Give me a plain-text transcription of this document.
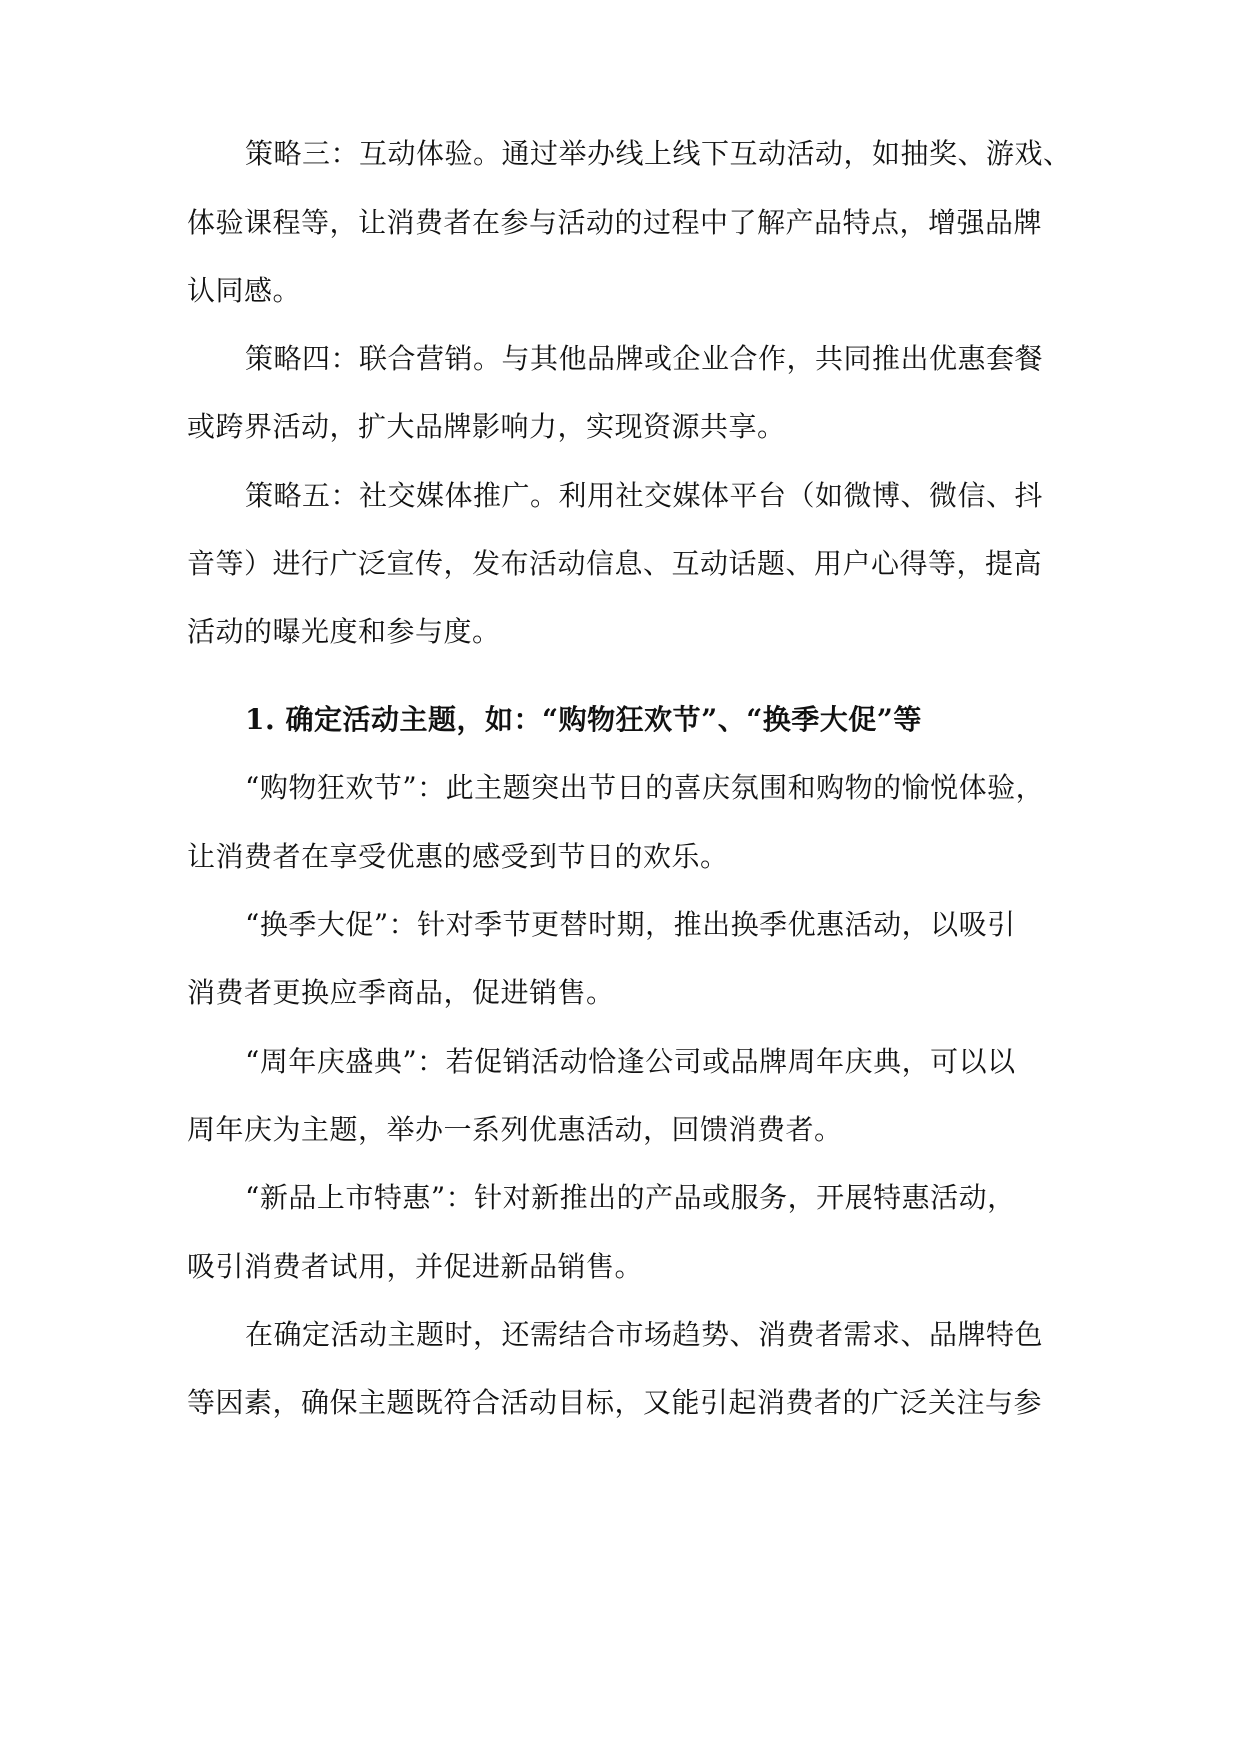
策略三：互动体验。通过举办线上线下互动活动，如抽奖、游戏、
体验课程等，让消费者在参与活动的过程中了解产品特点，增强品牌
认同感。
策略四：联合营销。与其他品牌或企业合作，共同推出优惠套餐
或跨界活动，扩大品牌影响力，实现资源共享。
策略五：社交媒体推广。利用社交媒体平台（如微博、微信、抖
音等）进行广泛宣传，发布活动信息、互动话题、用户心得等，提高
活动的曝光度和参与度。
1. 确定活动主题，如：“购物狂欢节”、“换季大促”等
“购物狂欢节”：此主题突出节日的喜庆氛围和购物的愉悦体验，
让消费者在享受优惠的感受到节日的欢乐。
“换季大促”：针对季节更替时期，推出换季优惠活动，以吸引
消费者更换应季商品，促进销售。
“周年庆盛典”：若促销活动恰逢公司或品牌周年庆典，可以以
周年庆为主题，举办一系列优惠活动，回馈消费者。
“新品上市特惠”：针对新推出的产品或服务，开展特惠活动，
吸引消费者试用，并促进新品销售。
在确定活动主题时，还需结合市场趋势、消费者需求、品牌特色
等因素，确保主题既符合活动目标，又能引起消费者的广泛关注与参
